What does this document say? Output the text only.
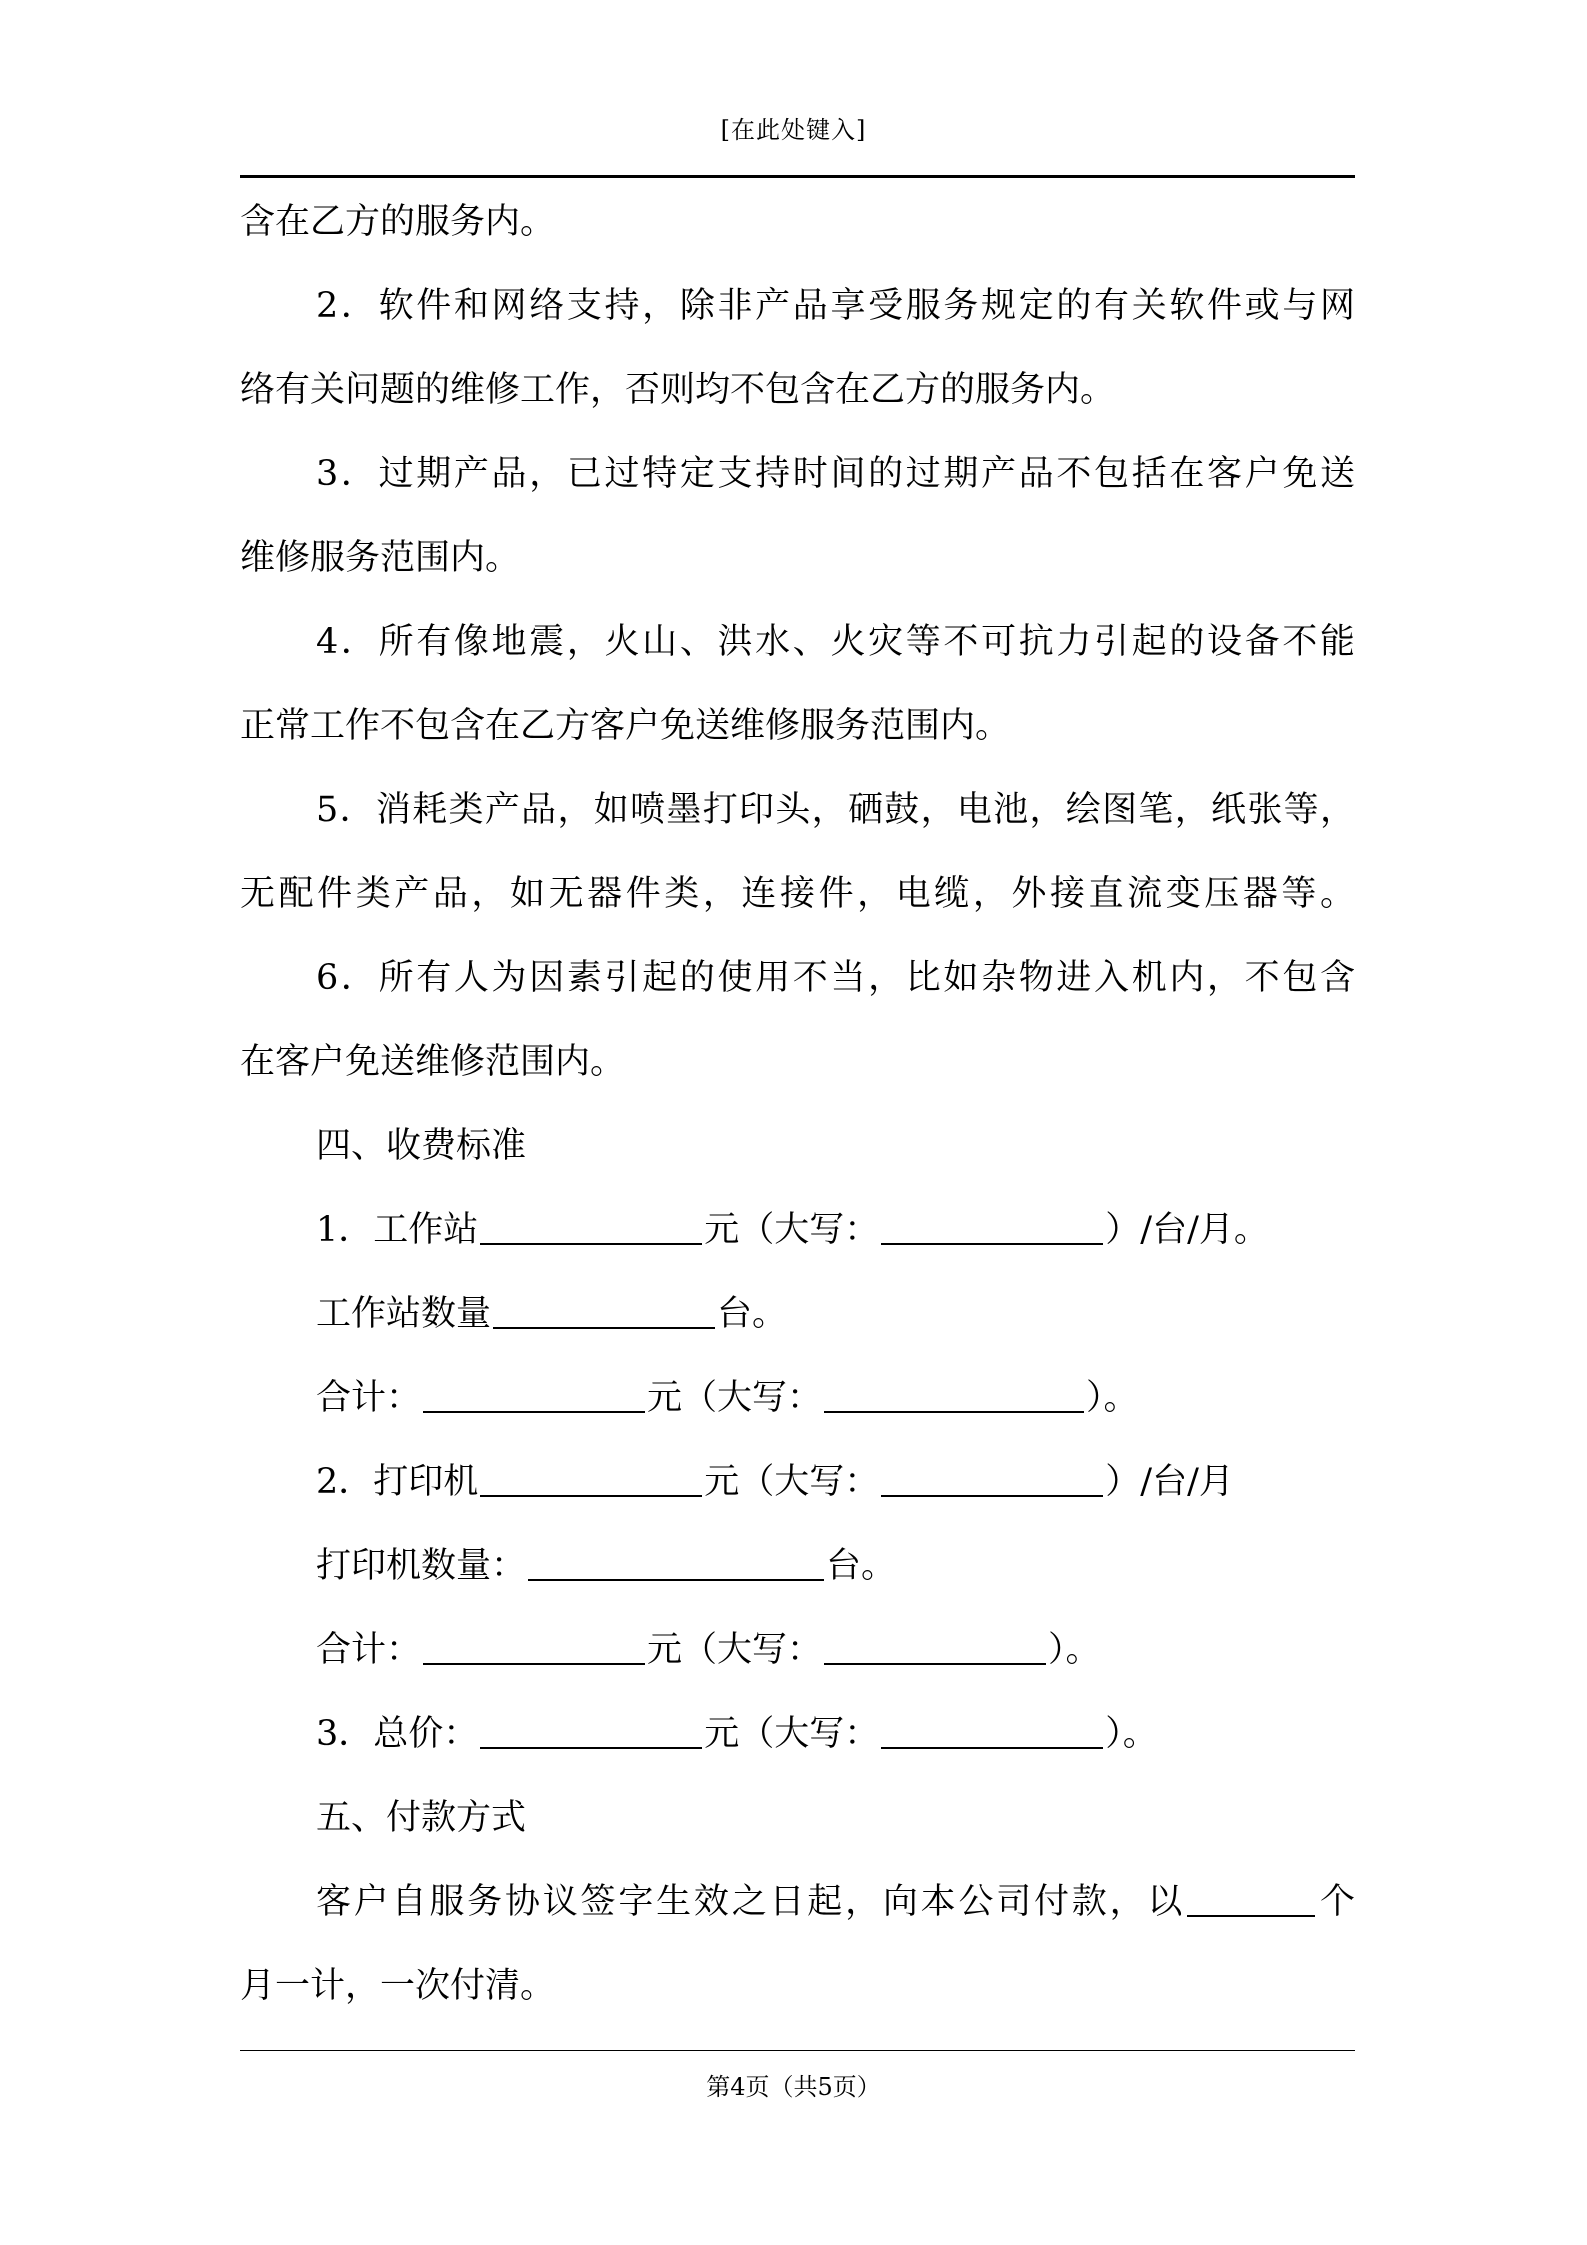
[在此处键入]
含在乙方的服务内。
2．软件和网络支持，除非产品享受服务规定的有关软件或与网
络有关问题的维修工作，否则均不包含在乙方的服务内。
3．过期产品，已过特定支持时间的过期产品不包括在客户免送
维修服务范围内。
4．所有像地震，火山、洪水、火灾等不可抗力引起的设备不能
正常工作不包含在乙方客户免送维修服务范围内。
5．消耗类产品，如喷墨打印头，硒鼓，电池，绘图笔，纸张等，
无配件类产品，如无器件类，连接件，电缆，外接直流变压器等。
6．所有人为因素引起的使用不当，比如杂物进入机内，不包含
在客户免送维修范围内。
四、收费标准
1．工作站	元（大写：	）/台/月。
工作站数量	台。
合计：	元（大写：	）。
2．打印机	元（大写：	）/台/月
打印机数量：	台。
合计：	元（大写：	）。
3．总价：	元（大写：	）。
五、付款方式
客户自服务协议签字生效之日起，向本公司付款，以	个
月一计，一次付清。
第4页（共5页）
